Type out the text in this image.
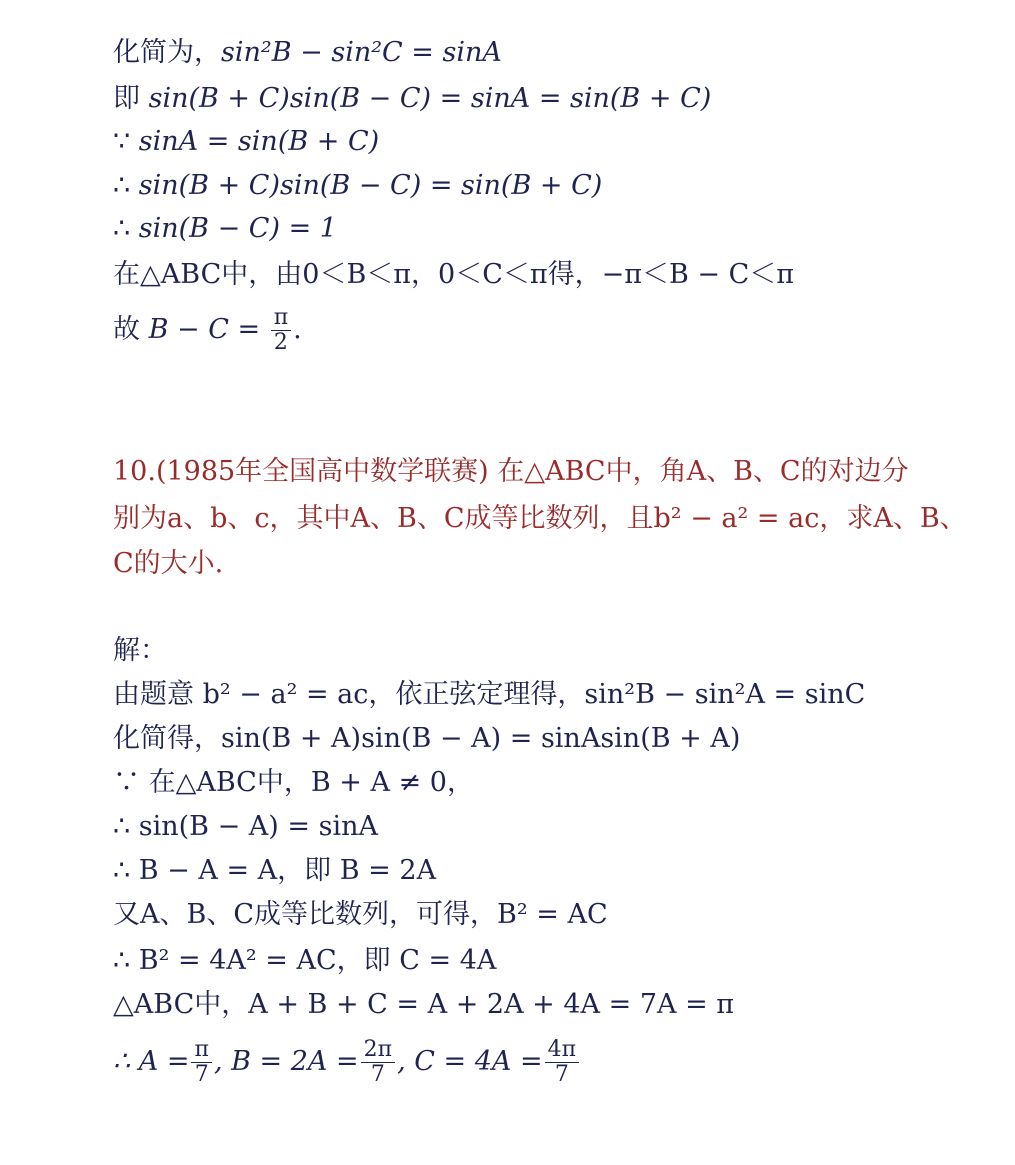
化简为，sin²B − sin²C = sinA
即 sin(B + C)sin(B − C) = sinA = sin(B + C)
∵ sinA = sin(B + C)
∴ sin(B + C)sin(B − C) = sin(B + C)
∴ sin(B − C) = 1
在△ABC中，由0＜B＜π，0＜C＜π得，−π＜B − C＜π
故 $B - C = \frac{\pi}{2}$ .
10.(1985年全国高中数学联赛) 在△ABC中，角A、B、C的对边分
别为a、b、c，其中A、B、C成等比数列，且b² − a² = ac，求A、B、
C的大小.
解：
由题意 b² − a² = ac，依正弦定理得，sin²B − sin²A = sinC
化简得，sin(B + A)sin(B − A) = sinAsin(B + A)
∵ 在△ABC中，B + A ≠ 0，
∴ sin(B − A) = sinA
∴ B − A = A，即 B = 2A
又A、B、C成等比数列，可得，B² = AC
∴ B² = 4A² = AC，即 C = 4A
△ABC中，A + B + C = A + 2A + 4A = 7A = π
∴ $A = \frac{\pi}{7}$ , $B = 2A = \frac{2\pi}{7}$ , $C = 4A = \frac{4\pi}{7}$
